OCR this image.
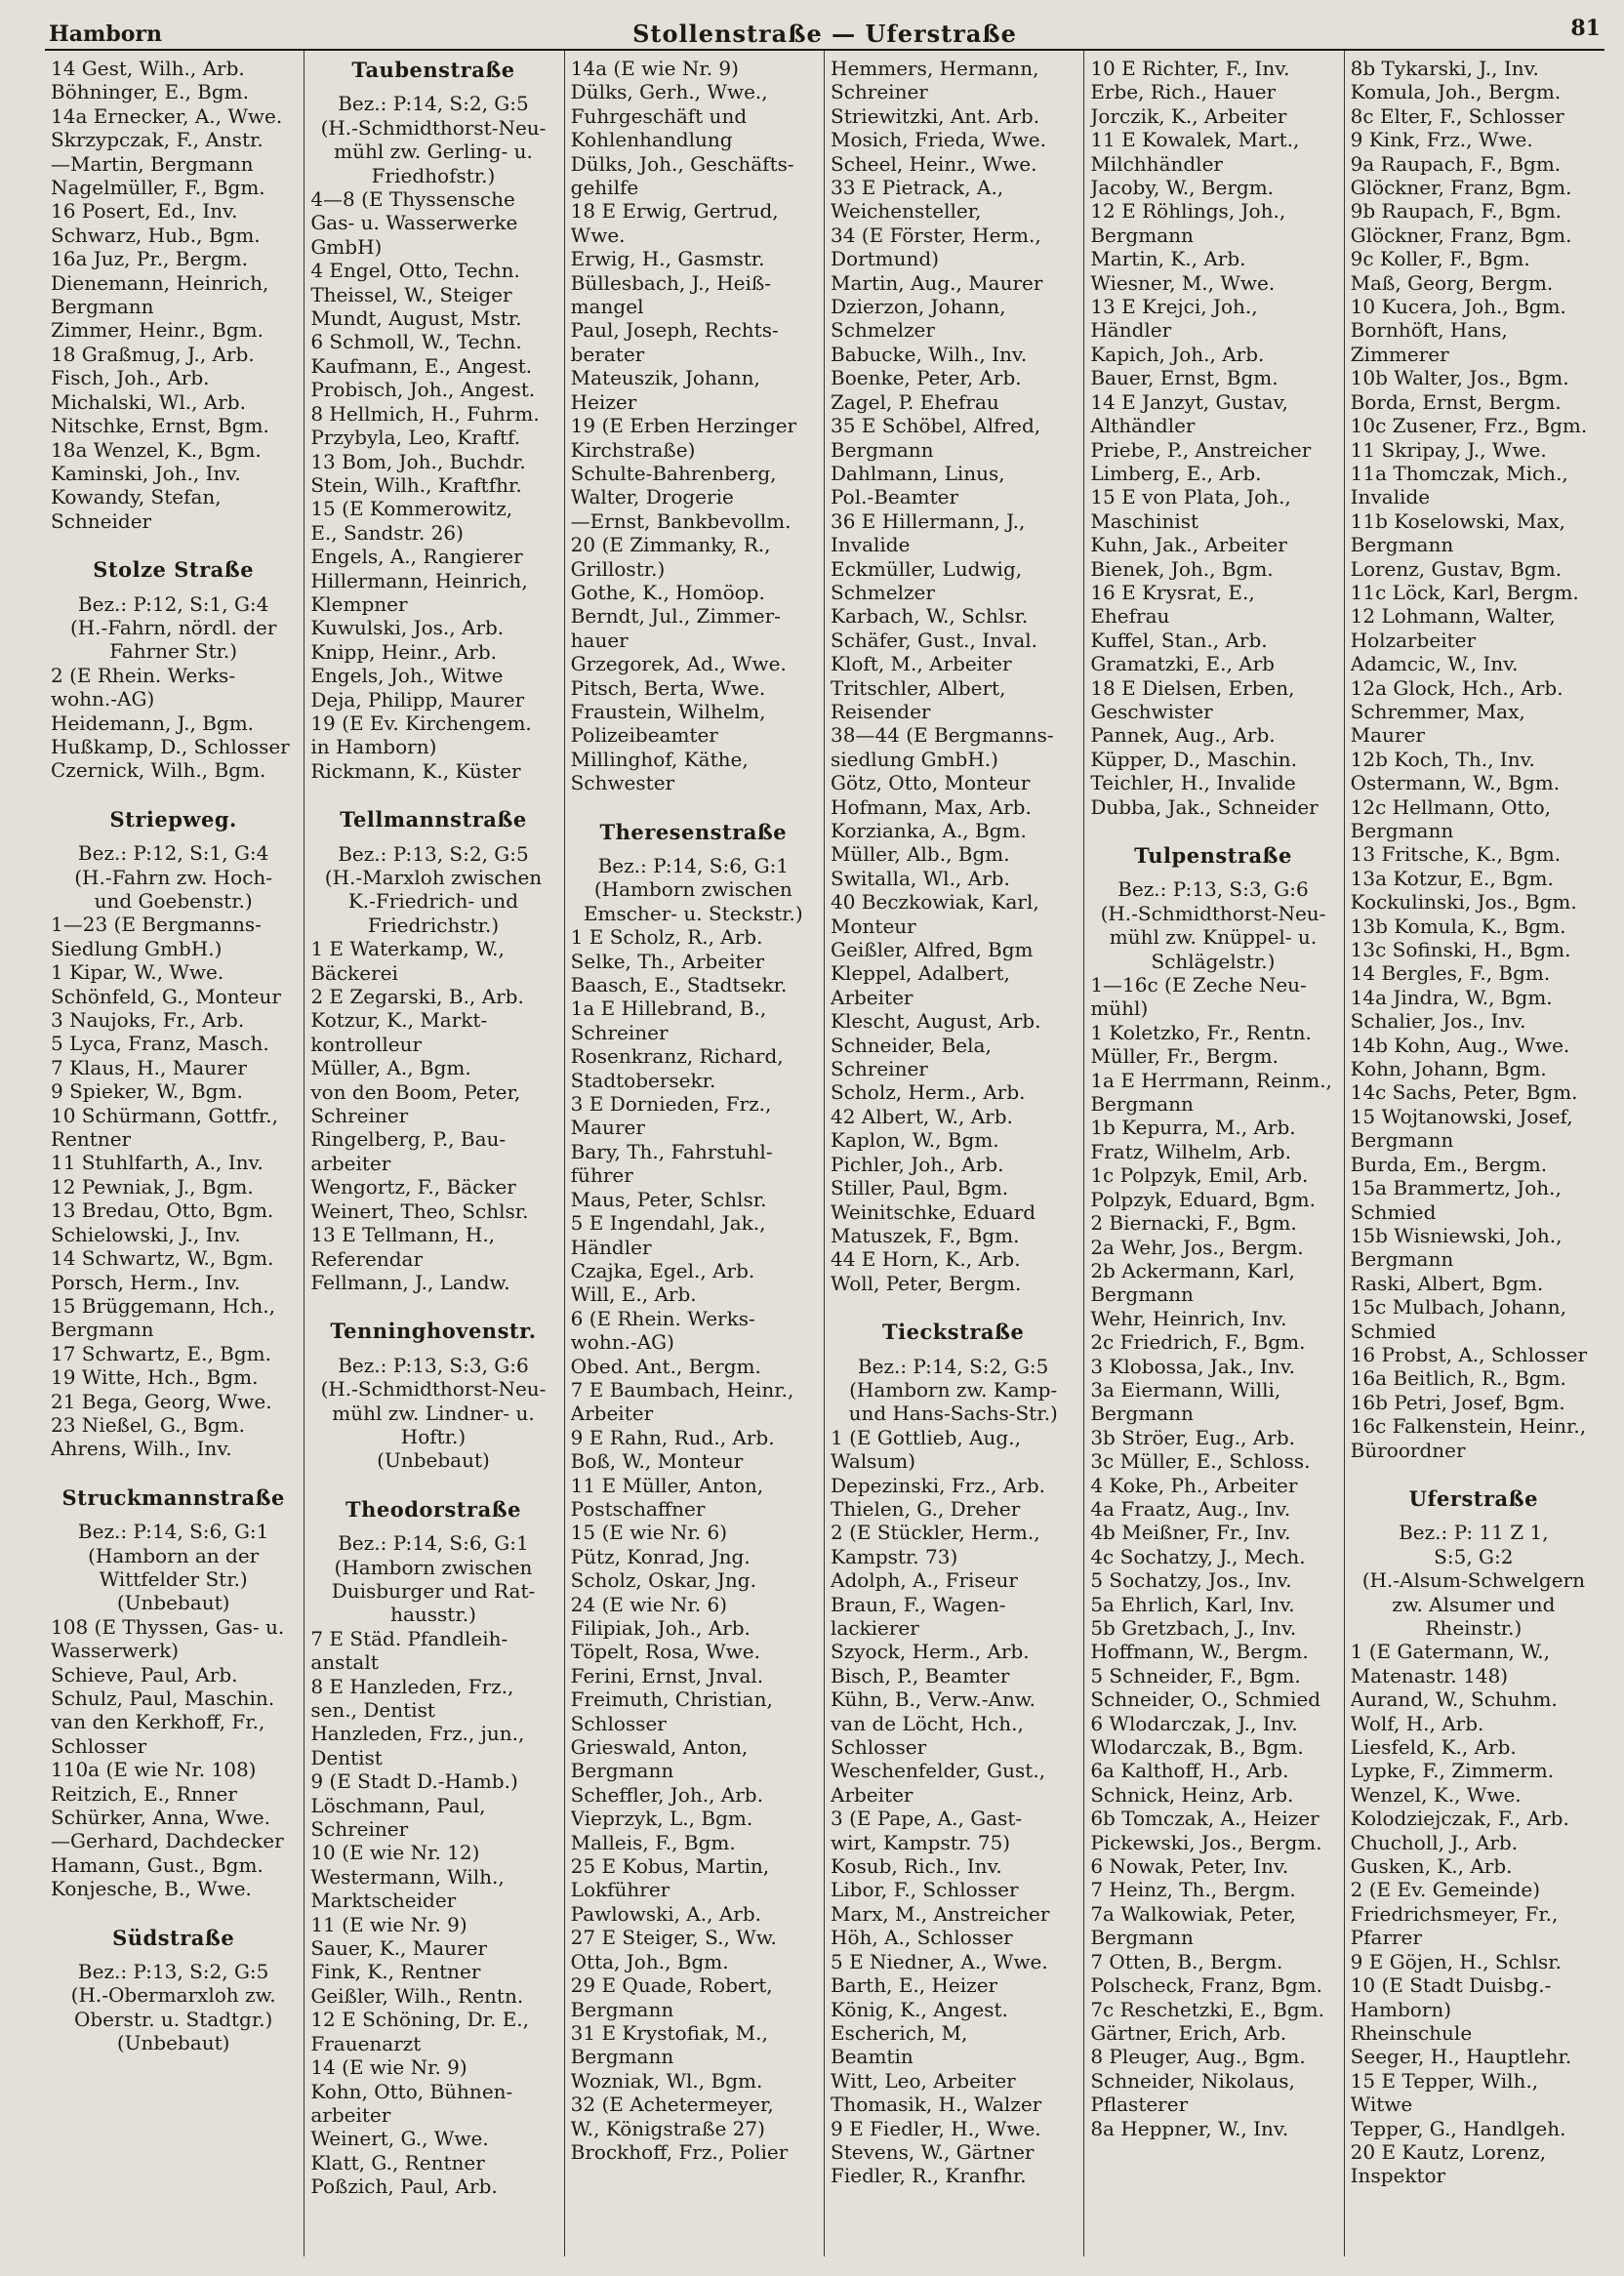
Hamborn	Stollenstraße — Uferstraße	81
14 Gest, Wilh., Arb.
Böhninger, E., Bgm.
14a Ernecker, A., Wwe.
Skrzypczak, F., Anstr.
—Martin, Bergmann
Nagelmüller, F., Bgm.
16 Posert, Ed., Inv.
Schwarz, Hub., Bgm.
16a Juz, Pr., Bergm.
Dienemann, Heinrich,
Bergmann
Zimmer, Heinr., Bgm.
18 Graßmug, J., Arb.
Fisch, Joh., Arb.
Michalski, Wl., Arb.
Nitschke, Ernst, Bgm.
18a Wenzel, K., Bgm.
Kaminski, Joh., Inv.
Kowandy, Stefan,
Schneider
Stolze Straße
Bez.: P:12, S:1, G:4
(H.-Fahrn, nördl. der
Fahrner Str.)
2 (E Rhein. Werks-
wohn.-AG)
Heidemann, J., Bgm.
Hußkamp, D., Schlosser
Czernick, Wilh., Bgm.
Striepweg.
Bez.: P:12, S:1, G:4
(H.-Fahrn zw. Hoch-
und Goebenstr.)
1—23 (E Bergmanns-
Siedlung GmbH.)
1 Kipar, W., Wwe.
Schönfeld, G., Monteur
3 Naujoks, Fr., Arb.
5 Lyca, Franz, Masch.
7 Klaus, H., Maurer
9 Spieker, W., Bgm.
10 Schürmann, Gottfr.,
Rentner
11 Stuhlfarth, A., Inv.
12 Pewniak, J., Bgm.
13 Bredau, Otto, Bgm.
Schielowski, J., Inv.
14 Schwartz, W., Bgm.
Porsch, Herm., Inv.
15 Brüggemann, Hch.,
Bergmann
17 Schwartz, E., Bgm.
19 Witte, Hch., Bgm.
21 Bega, Georg, Wwe.
23 Nießel, G., Bgm.
Ahrens, Wilh., Inv.
Struckmannstraße
Bez.: P:14, S:6, G:1
(Hamborn an der
Wittfelder Str.)
(Unbebaut)
108 (E Thyssen, Gas- u.
Wasserwerk)
Schieve, Paul, Arb.
Schulz, Paul, Maschin.
van den Kerkhoff, Fr.,
Schlosser
110a (E wie Nr. 108)
Reitzich, E., Rnner
Schürker, Anna, Wwe.
—Gerhard, Dachdecker
Hamann, Gust., Bgm.
Konjesche, B., Wwe.
Südstraße
Bez.: P:13, S:2, G:5
(H.-Obermarxloh zw.
Oberstr. u. Stadtgr.)
(Unbebaut)
Taubenstraße
Bez.: P:14, S:2, G:5
(H.-Schmidthorst-Neu-
mühl zw. Gerling- u.
Friedhofstr.)
4—8 (E Thyssensche
Gas- u. Wasserwerke
GmbH)
4 Engel, Otto, Techn.
Theissel, W., Steiger
Mundt, August, Mstr.
6 Schmoll, W., Techn.
Kaufmann, E., Angest.
Probisch, Joh., Angest.
8 Hellmich, H., Fuhrm.
Przybyla, Leo, Kraftf.
13 Bom, Joh., Buchdr.
Stein, Wilh., Kraftfhr.
15 (E Kommerowitz,
E., Sandstr. 26)
Engels, A., Rangierer
Hillermann, Heinrich,
Klempner
Kuwulski, Jos., Arb.
Knipp, Heinr., Arb.
Engels, Joh., Witwe
Deja, Philipp, Maurer
19 (E Ev. Kirchengem.
in Hamborn)
Rickmann, K., Küster
Tellmannstraße
Bez.: P:13, S:2, G:5
(H.-Marxloh zwischen
K.-Friedrich- und
Friedrichstr.)
1 E Waterkamp, W.,
Bäckerei
2 E Zegarski, B., Arb.
Kotzur, K., Markt-
kontrolleur
Müller, A., Bgm.
von den Boom, Peter,
Schreiner
Ringelberg, P., Bau-
arbeiter
Wengortz, F., Bäcker
Weinert, Theo, Schlsr.
13 E Tellmann, H.,
Referendar
Fellmann, J., Landw.
Tenninghovenstr.
Bez.: P:13, S:3, G:6
(H.-Schmidthorst-Neu-
mühl zw. Lindner- u.
Hoftr.)
(Unbebaut)
Theodorstraße
Bez.: P:14, S:6, G:1
(Hamborn zwischen
Duisburger und Rat-
hausstr.)
7 E Städ. Pfandleih-
anstalt
8 E Hanzleden, Frz.,
sen., Dentist
Hanzleden, Frz., jun.,
Dentist
9 (E Stadt D.-Hamb.)
Löschmann, Paul,
Schreiner
10 (E wie Nr. 12)
Westermann, Wilh.,
Marktscheider
11 (E wie Nr. 9)
Sauer, K., Maurer
Fink, K., Rentner
Geißler, Wilh., Rentn.
12 E Schöning, Dr. E.,
Frauenarzt
14 (E wie Nr. 9)
Kohn, Otto, Bühnen-
arbeiter
Weinert, G., Wwe.
Klatt, G., Rentner
Poßzich, Paul, Arb.
14a (E wie Nr. 9)
Dülks, Gerh., Wwe.,
Fuhrgeschäft und
Kohlenhandlung
Dülks, Joh., Geschäfts-
gehilfe
18 E Erwig, Gertrud,
Wwe.
Erwig, H., Gasmstr.
Büllesbach, J., Heiß-
mangel
Paul, Joseph, Rechts-
berater
Mateuszik, Johann,
Heizer
19 (E Erben Herzinger
Kirchstraße)
Schulte-Bahrenberg,
Walter, Drogerie
—Ernst, Bankbevollm.
20 (E Zimmanky, R.,
Grillostr.)
Gothe, K., Homöop.
Berndt, Jul., Zimmer-
hauer
Grzegorek, Ad., Wwe.
Pitsch, Berta, Wwe.
Fraustein, Wilhelm,
Polizeibeamter
Millinghof, Käthe,
Schwester
Theresenstraße
Bez.: P:14, S:6, G:1
(Hamborn zwischen
Emscher- u. Steckstr.)
1 E Scholz, R., Arb.
Selke, Th., Arbeiter
Baasch, E., Stadtsekr.
1a E Hillebrand, B.,
Schreiner
Rosenkranz, Richard,
Stadtobersekr.
3 E Dornieden, Frz.,
Maurer
Bary, Th., Fahrstuhl-
führer
Maus, Peter, Schlsr.
5 E Ingendahl, Jak.,
Händler
Czajka, Egel., Arb.
Will, E., Arb.
6 (E Rhein. Werks-
wohn.-AG)
Obed. Ant., Bergm.
7 E Baumbach, Heinr.,
Arbeiter
9 E Rahn, Rud., Arb.
Boß, W., Monteur
11 E Müller, Anton,
Postschaffner
15 (E wie Nr. 6)
Pütz, Konrad, Jng.
Scholz, Oskar, Jng.
24 (E wie Nr. 6)
Filipiak, Joh., Arb.
Töpelt, Rosa, Wwe.
Ferini, Ernst, Jnval.
Freimuth, Christian,
Schlosser
Grieswald, Anton,
Bergmann
Scheffler, Joh., Arb.
Vieprzyk, L., Bgm.
Malleis, F., Bgm.
25 E Kobus, Martin,
Lokführer
Pawlowski, A., Arb.
27 E Steiger, S., Ww.
Otta, Joh., Bgm.
29 E Quade, Robert,
Bergmann
31 E Krystofiak, M.,
Bergmann
Wozniak, Wl., Bgm.
32 (E Achetermeyer,
W., Königstraße 27)
Brockhoff, Frz., Polier
Hemmers, Hermann,
Schreiner
Striewitzki, Ant. Arb.
Mosich, Frieda, Wwe.
Scheel, Heinr., Wwe.
33 E Pietrack, A.,
Weichensteller,
34 (E Förster, Herm.,
Dortmund)
Martin, Aug., Maurer
Dzierzon, Johann,
Schmelzer
Babucke, Wilh., Inv.
Boenke, Peter, Arb.
Zagel, P. Ehefrau
35 E Schöbel, Alfred,
Bergmann
Dahlmann, Linus,
Pol.-Beamter
36 E Hillermann, J.,
Invalide
Eckmüller, Ludwig,
Schmelzer
Karbach, W., Schlsr.
Schäfer, Gust., Inval.
Kloft, M., Arbeiter
Tritschler, Albert,
Reisender
38—44 (E Bergmanns-
siedlung GmbH.)
Götz, Otto, Monteur
Hofmann, Max, Arb.
Korzianka, A., Bgm.
Müller, Alb., Bgm.
Switalla, Wl., Arb.
40 Beczkowiak, Karl,
Monteur
Geißler, Alfred, Bgm
Kleppel, Adalbert,
Arbeiter
Klescht, August, Arb.
Schneider, Bela,
Schreiner
Scholz, Herm., Arb.
42 Albert, W., Arb.
Kaplon, W., Bgm.
Pichler, Joh., Arb.
Stiller, Paul, Bgm.
Weinitschke, Eduard
Matuszek, F., Bgm.
44 E Horn, K., Arb.
Woll, Peter, Bergm.
Tieckstraße
Bez.: P:14, S:2, G:5
(Hamborn zw. Kamp-
und Hans-Sachs-Str.)
1 (E Gottlieb, Aug.,
Walsum)
Depezinski, Frz., Arb.
Thielen, G., Dreher
2 (E Stückler, Herm.,
Kampstr. 73)
Adolph, A., Friseur
Braun, F., Wagen-
lackierer
Szyock, Herm., Arb.
Bisch, P., Beamter
Kühn, B., Verw.-Anw.
van de Löcht, Hch.,
Schlosser
Weschenfelder, Gust.,
Arbeiter
3 (E Pape, A., Gast-
wirt, Kampstr. 75)
Kosub, Rich., Inv.
Libor, F., Schlosser
Marx, M., Anstreicher
Höh, A., Schlosser
5 E Niedner, A., Wwe.
Barth, E., Heizer
König, K., Angest.
Escherich, M,
Beamtin
Witt, Leo, Arbeiter
Thomasik, H., Walzer
9 E Fiedler, H., Wwe.
Stevens, W., Gärtner
Fiedler, R., Kranfhr.
10 E Richter, F., Inv.
Erbe, Rich., Hauer
Jorczik, K., Arbeiter
11 E Kowalek, Mart.,
Milchhändler
Jacoby, W., Bergm.
12 E Röhlings, Joh.,
Bergmann
Martin, K., Arb.
Wiesner, M., Wwe.
13 E Krejci, Joh.,
Händler
Kapich, Joh., Arb.
Bauer, Ernst, Bgm.
14 E Janzyt, Gustav,
Althändler
Priebe, P., Anstreicher
Limberg, E., Arb.
15 E von Plata, Joh.,
Maschinist
Kuhn, Jak., Arbeiter
Bienek, Joh., Bgm.
16 E Krysrat, E.,
Ehefrau
Kuffel, Stan., Arb.
Gramatzki, E., Arb
18 E Dielsen, Erben,
Geschwister
Pannek, Aug., Arb.
Küpper, D., Maschin.
Teichler, H., Invalide
Dubba, Jak., Schneider
Tulpenstraße
Bez.: P:13, S:3, G:6
(H.-Schmidthorst-Neu-
mühl zw. Knüppel- u.
Schlägelstr.)
1—16c (E Zeche Neu-
mühl)
1 Koletzko, Fr., Rentn.
Müller, Fr., Bergm.
1a E Herrmann, Reinm.,
Bergmann
1b Kepurra, M., Arb.
Fratz, Wilhelm, Arb.
1c Polpzyk, Emil, Arb.
Polpzyk, Eduard, Bgm.
2 Biernacki, F., Bgm.
2a Wehr, Jos., Bergm.
2b Ackermann, Karl,
Bergmann
Wehr, Heinrich, Inv.
2c Friedrich, F., Bgm.
3 Klobossa, Jak., Inv.
3a Eiermann, Willi,
Bergmann
3b Ströer, Eug., Arb.
3c Müller, E., Schloss.
4 Koke, Ph., Arbeiter
4a Fraatz, Aug., Inv.
4b Meißner, Fr., Inv.
4c Sochatzy, J., Mech.
5 Sochatzy, Jos., Inv.
5a Ehrlich, Karl, Inv.
5b Gretzbach, J., Inv.
Hoffmann, W., Bergm.
5 Schneider, F., Bgm.
Schneider, O., Schmied
6 Wlodarczak, J., Inv.
Wlodarczak, B., Bgm.
6a Kalthoff, H., Arb.
Schnick, Heinz, Arb.
6b Tomczak, A., Heizer
Pickewski, Jos., Bergm.
6 Nowak, Peter, Inv.
7 Heinz, Th., Bergm.
7a Walkowiak, Peter,
Bergmann
7 Otten, B., Bergm.
Polscheck, Franz, Bgm.
7c Reschetzki, E., Bgm.
Gärtner, Erich, Arb.
8 Pleuger, Aug., Bgm.
Schneider, Nikolaus,
Pflasterer
8a Heppner, W., Inv.
8b Tykarski, J., Inv.
Komula, Joh., Bergm.
8c Elter, F., Schlosser
9 Kink, Frz., Wwe.
9a Raupach, F., Bgm.
Glöckner, Franz, Bgm.
9b Raupach, F., Bgm.
Glöckner, Franz, Bgm.
9c Koller, F., Bgm.
Maß, Georg, Bergm.
10 Kucera, Joh., Bgm.
Bornhöft, Hans,
Zimmerer
10b Walter, Jos., Bgm.
Borda, Ernst, Bergm.
10c Zusener, Frz., Bgm.
11 Skripay, J., Wwe.
11a Thomczak, Mich.,
Invalide
11b Koselowski, Max,
Bergmann
Lorenz, Gustav, Bgm.
11c Löck, Karl, Bergm.
12 Lohmann, Walter,
Holzarbeiter
Adamcic, W., Inv.
12a Glock, Hch., Arb.
Schremmer, Max,
Maurer
12b Koch, Th., Inv.
Ostermann, W., Bgm.
12c Hellmann, Otto,
Bergmann
13 Fritsche, K., Bgm.
13a Kotzur, E., Bgm.
Kockulinski, Jos., Bgm.
13b Komula, K., Bgm.
13c Sofinski, H., Bgm.
14 Bergles, F., Bgm.
14a Jindra, W., Bgm.
Schalier, Jos., Inv.
14b Kohn, Aug., Wwe.
Kohn, Johann, Bgm.
14c Sachs, Peter, Bgm.
15 Wojtanowski, Josef,
Bergmann
Burda, Em., Bergm.
15a Brammertz, Joh.,
Schmied
15b Wisniewski, Joh.,
Bergmann
Raski, Albert, Bgm.
15c Mulbach, Johann,
Schmied
16 Probst, A., Schlosser
16a Beitlich, R., Bgm.
16b Petri, Josef, Bgm.
16c Falkenstein, Heinr.,
Büroordner
Uferstraße
Bez.: P: 11 Z 1,
S:5, G:2
(H.-Alsum-Schwelgern
zw. Alsumer und
Rheinstr.)
1 (E Gatermann, W.,
Matenastr. 148)
Aurand, W., Schuhm.
Wolf, H., Arb.
Liesfeld, K., Arb.
Lypke, F., Zimmerm.
Wenzel, K., Wwe.
Kolodziejczak, F., Arb.
Chucholl, J., Arb.
Gusken, K., Arb.
2 (E Ev. Gemeinde)
Friedrichsmeyer, Fr.,
Pfarrer
9 E Göjen, H., Schlsr.
10 (E Stadt Duisbg.-
Hamborn)
Rheinschule
Seeger, H., Hauptlehr.
15 E Tepper, Wilh.,
Witwe
Tepper, G., Handlgeh.
20 E Kautz, Lorenz,
Inspektor
